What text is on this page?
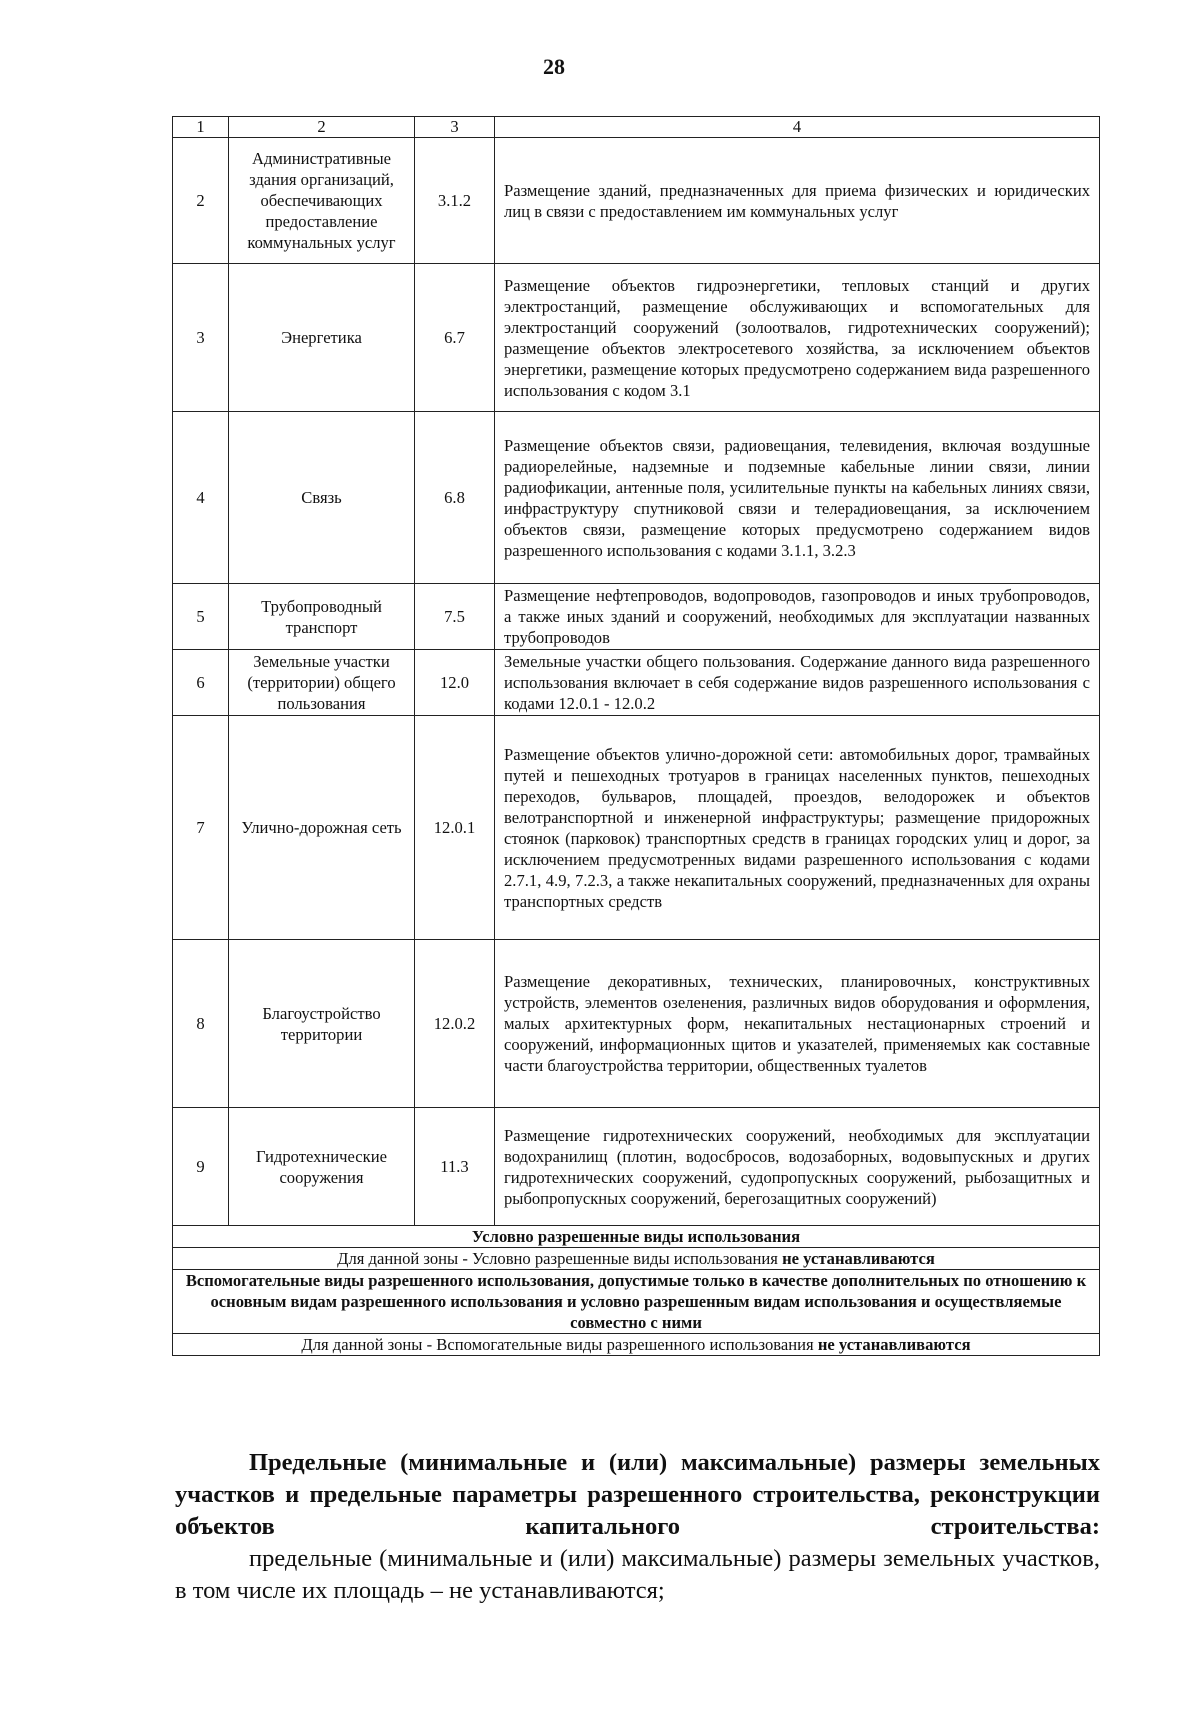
28
1	2	3	4
2	Административные здания организаций, обеспечивающих предоставление коммунальных услуг	3.1.2	Размещение зданий, предназначенных для приема физических и юридических лиц в связи с предоставлением им коммунальных услуг
3	Энергетика	6.7	Размещение объектов гидроэнергетики, тепловых станций и других электростанций, размещение обслуживающих и вспомогательных для электростанций сооружений (золоотвалов, гидротехнических сооружений); размещение объектов электросетевого хозяйства, за исключением объектов энергетики, размещение которых предусмотрено содержанием вида разрешенного использования с кодом 3.1
4	Связь	6.8	Размещение объектов связи, радиовещания, телевидения, включая воздушные радиорелейные, надземные и подземные кабельные линии связи, линии радиофикации, антенные поля, усилительные пункты на кабельных линиях связи, инфраструктуру спутниковой связи и телерадиовещания, за исключением объектов связи, размещение которых предусмотрено содержанием видов разрешенного использования с кодами 3.1.1, 3.2.3
5	Трубопроводный транспорт	7.5	Размещение нефтепроводов, водопроводов, газопроводов и иных трубопроводов, а также иных зданий и сооружений, необходимых для эксплуатации названных трубопроводов
6	Земельные участки (территории) общего пользования	12.0	Земельные участки общего пользования. Содержание данного вида разрешенного использования включает в себя содержание видов разрешенного использования с кодами 12.0.1 - 12.0.2
7	Улично-дорожная сеть	12.0.1	Размещение объектов улично-дорожной сети: автомобильных дорог, трамвайных путей и пешеходных тротуаров в границах населенных пунктов, пешеходных переходов, бульваров, площадей, проездов, велодорожек и объектов велотранспортной и инженерной инфраструктуры; размещение придорожных стоянок (парковок) транспортных средств в границах городских улиц и дорог, за исключением предусмотренных видами разрешенного использования с кодами 2.7.1, 4.9, 7.2.3, а также некапитальных сооружений, предназначенных для охраны транспортных средств
8	Благоустройство территории	12.0.2	Размещение декоративных, технических, планировочных, конструктивных устройств, элементов озеленения, различных видов оборудования и оформления, малых архитектурных форм, некапитальных нестационарных строений и сооружений, информационных щитов и указателей, применяемых как составные части благоустройства территории, общественных туалетов
9	Гидротехнические сооружения	11.3	Размещение гидротехнических сооружений, необходимых для эксплуатации водохранилищ (плотин, водосбросов, водозаборных, водовыпускных и других гидротехнических сооружений, судопропускных сооружений, рыбозащитных и рыбопропускных сооружений, берегозащитных сооружений)
Условно разрешенные виды использования			
Для данной зоны - Условно разрешенные виды использования не устанавливаются			
Вспомогательные виды разрешенного использования, допустимые только в качестве дополнительных по отношению к основным видам разрешенного использования и условно разрешенным видам использования и осуществляемые совместно с ними			
Для данной зоны - Вспомогательные виды разрешенного использования не устанавливаются			

Предельные (минимальные и (или) максимальные) размеры земельных участков и предельные параметры разрешенного строительства, реконструкции объектов капитального строительства:

предельные (минимальные и (или) максимальные) размеры земельных участков, в том числе их площадь – не устанавливаются;
